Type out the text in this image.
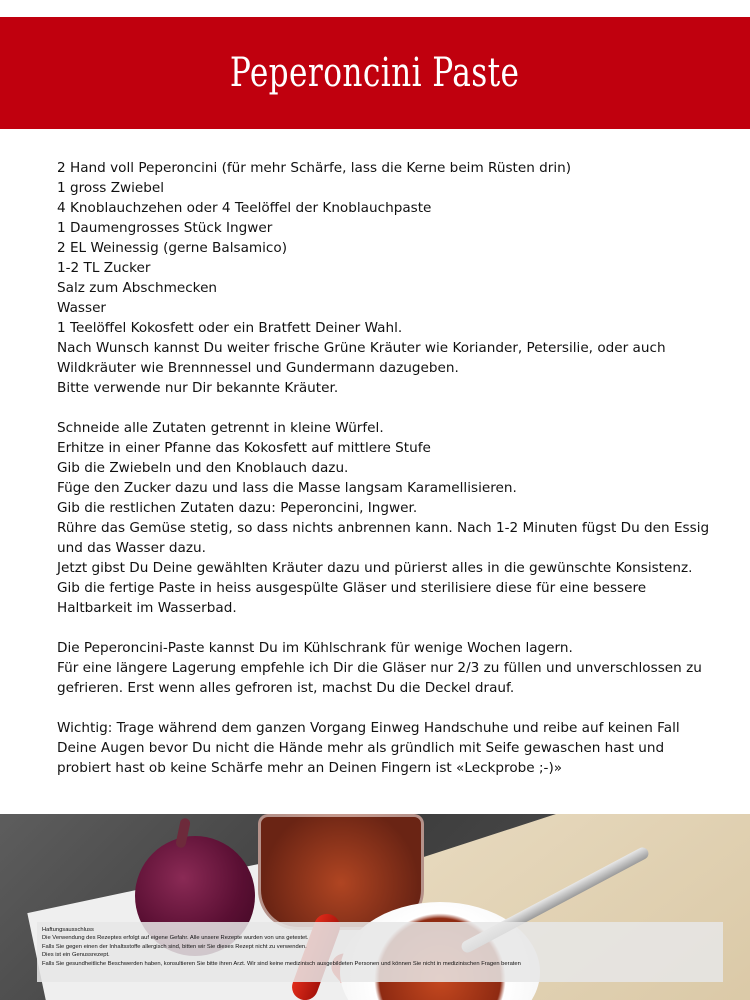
Peperoncini Paste

2 Hand voll Peperoncini (für mehr Schärfe, lass die Kerne beim Rüsten drin)

1 gross Zwiebel

4 Knoblauchzehen oder 4 Teelöffel der Knoblauchpaste

1 Daumengrosses Stück Ingwer

2 EL Weinessig (gerne Balsamico)

1-2 TL Zucker

Salz zum Abschmecken

Wasser

1 Teelöffel Kokosfett oder ein Bratfett Deiner Wahl.

Nach Wunsch kannst Du weiter frische Grüne Kräuter wie Koriander, Petersilie, oder auch Wildkräuter wie Brennnessel und Gundermann dazugeben.

Bitte verwende nur Dir bekannte Kräuter.

Schneide alle Zutaten getrennt in kleine Würfel.

Erhitze in einer Pfanne das Kokosfett auf mittlere Stufe

Gib die Zwiebeln und den Knoblauch dazu.

Füge den Zucker dazu und lass die Masse langsam Karamellisieren.

Gib die restlichen Zutaten dazu: Peperoncini, Ingwer.

Rühre das Gemüse stetig, so dass nichts anbrennen kann. Nach 1-2 Minuten fügst Du den Essig und das Wasser dazu.

Jetzt gibst Du Deine gewählten Kräuter dazu und pürierst alles in die gewünschte Konsistenz.

Gib die fertige Paste in heiss ausgespülte Gläser und sterilisiere diese für eine bessere Haltbarkeit im Wasserbad.

Die Peperoncini-Paste kannst Du im Kühlschrank für wenige Wochen lagern.

Für eine längere Lagerung empfehle ich Dir die Gläser nur 2/3 zu füllen und unverschlossen zu gefrieren. Erst wenn alles gefroren ist, machst Du die Deckel drauf.

Wichtig: Trage während dem ganzen Vorgang Einweg Handschuhe und reibe auf keinen Fall Deine Augen bevor Du nicht die Hände mehr als gründlich mit Seife gewaschen hast und probiert hast ob keine Schärfe mehr an Deinen Fingern ist «Leckprobe ;-)»

Haftungsausschluss

Die Verwendung des Rezeptes erfolgt auf eigene Gefahr. Alle unsere Rezepte wurden von uns getestet.

Falls Sie gegen einen der Inhaltsstoffe allergisch sind, bitten wir Sie dieses Rezept nicht zu verwenden.

Dies ist ein Genussrezept.

Falls Sie gesundheitliche Beschwerden haben, konsultieren Sie bitte ihren Arzt. Wir sind keine medizinisch ausgebildeten Personen und können Sie nicht in medizinischen Fragen beraten
